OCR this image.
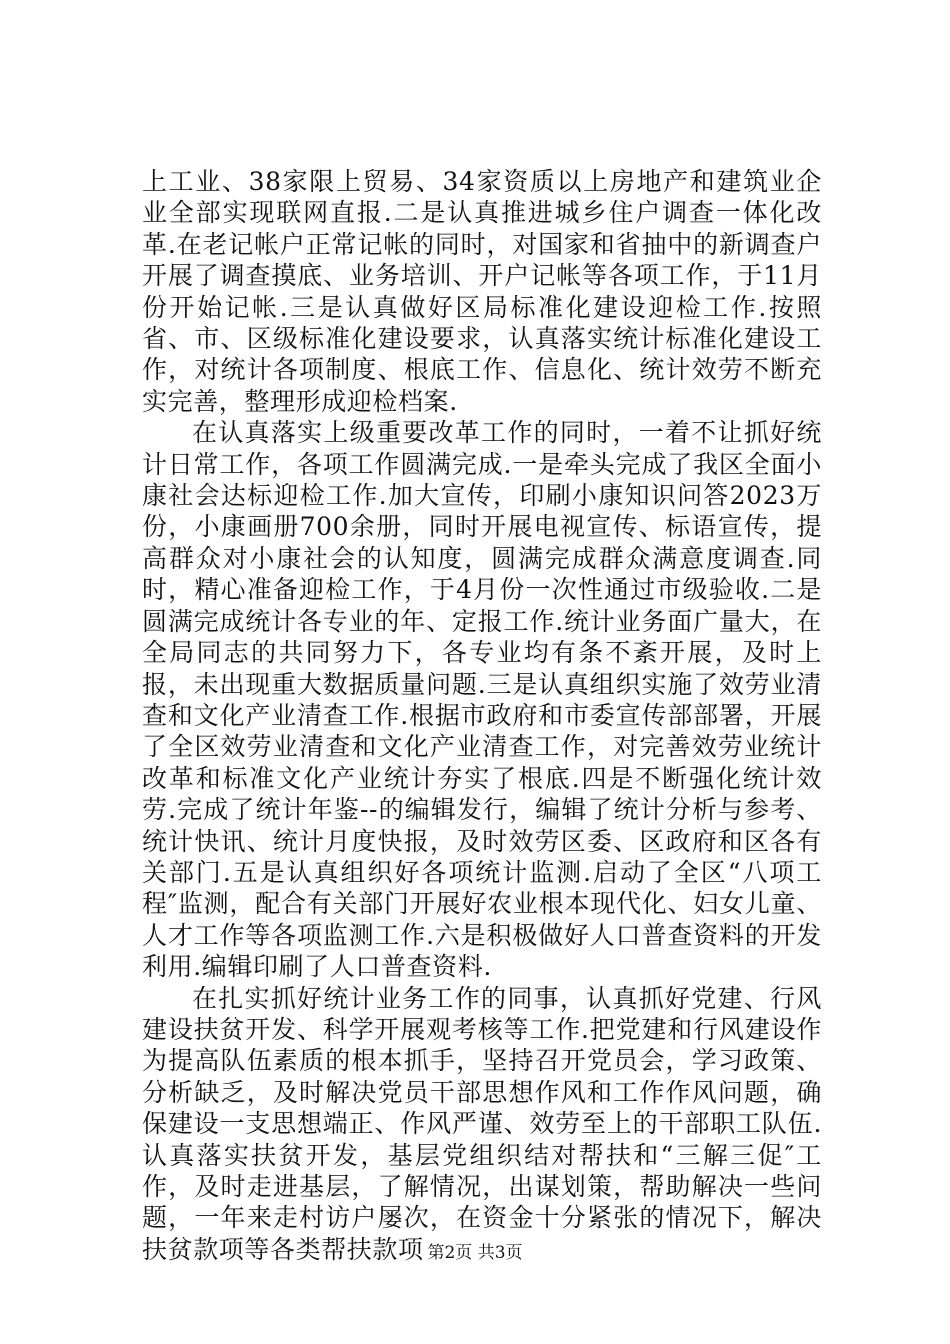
上工业、38家限上贸易、34家资质以上房地产和建筑业企业全部实现联网直报.二是认真推进城乡住户调查一体化改革.在老记帐户正常记帐的同时，对国家和省抽中的新调查户开展了调查摸底、业务培训、开户记帐等各项工作，于11月份开始记帐.三是认真做好区局标准化建设迎检工作.按照省、市、区级标准化建设要求，认真落实统计标准化建设工作，对统计各项制度、根底工作、信息化、统计效劳不断充实完善，整理形成迎检档案.

在认真落实上级重要改革工作的同时，一着不让抓好统计日常工作，各项工作圆满完成.一是牵头完成了我区全面小康社会达标迎检工作.加大宣传，印刷小康知识问答2023万份，小康画册700余册，同时开展电视宣传、标语宣传，提高群众对小康社会的认知度，圆满完成群众满意度调查.同时，精心准备迎检工作，于4月份一次性通过市级验收.二是圆满完成统计各专业的年、定报工作.统计业务面广量大，在全局同志的共同努力下，各专业均有条不紊开展，及时上报，未出现重大数据质量问题.三是认真组织实施了效劳业清查和文化产业清查工作.根据市政府和市委宣传部部署，开展了全区效劳业清查和文化产业清查工作，对完善效劳业统计改革和标准文化产业统计夯实了根底.四是不断强化统计效劳.完成了统计年鉴--的编辑发行，编辑了统计分析与参考、统计快讯、统计月度快报，及时效劳区委、区政府和区各有关部门.五是认真组织好各项统计监测.启动了全区“八项工程″监测，配合有关部门开展好农业根本现代化、妇女儿童、人才工作等各项监测工作.六是积极做好人口普查资料的开发利用.编辑印刷了人口普查资料.

在扎实抓好统计业务工作的同事，认真抓好党建、行风建设扶贫开发、科学开展观考核等工作.把党建和行风建设作为提高队伍素质的根本抓手，坚持召开党员会，学习政策、分析缺乏，及时解决党员干部思想作风和工作作风问题，确保建设一支思想端正、作风严谨、效劳至上的干部职工队伍.认真落实扶贫开发，基层党组织结对帮扶和“三解三促″工作，及时走进基层，了解情况，出谋划策，帮助解决一些问题，一年来走村访户屡次，在资金十分紧张的情况下，解决扶贫款项等各类帮扶款项 第2页 共3页
